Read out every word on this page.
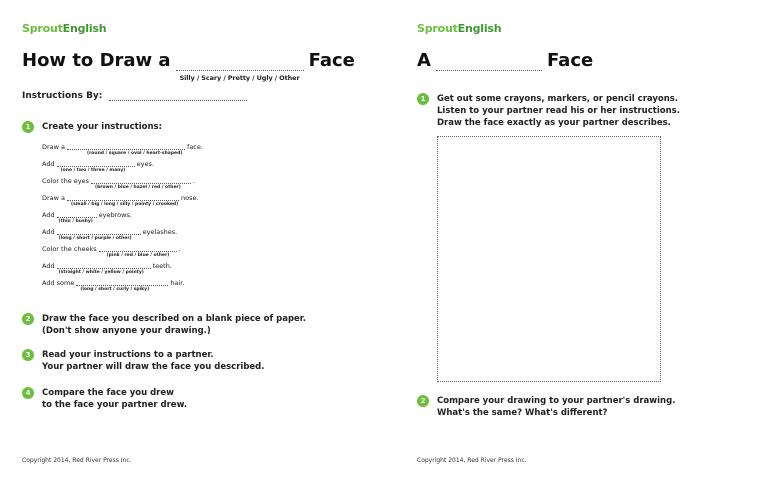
SproutEnglish
How to Draw a
Silly / Scary / Pretty / Ugly / Other
Face
Instructions By:
1	Create your instructions:
Draw a
(round / square / oval / heart-shaped)
face.
Add
(one / two / three / many)
eyes.
Color the eyes
(brown / blue / hazel / red / other)
.
Draw a
(small / big / long / silly / pointy / crooked)
nose.
Add
(thin / bushy)
eyebrows.
Add
(long / short / purple / other)
eyelashes.
Color the cheeks
(pink / red / blue / other)
.
Add
(straight / white / yellow / pointy)
teeth.
Add some
(long / short / curly / spiky)
hair.
2	Draw the face you described on a blank piece of paper.
(Don't show anyone your drawing.)
3	Read your instructions to a partner.
Your partner will draw the face you described.
4	Compare the face you drew
to the face your partner drew.
Copyright 2014, Red River Press Inc.
SproutEnglish
A	Face
1	Get out some crayons, markers, or pencil crayons.
Listen to your partner read his or her instructions.
Draw the face exactly as your partner describes.
2	Compare your drawing to your partner's drawing.
What's the same? What's different?
Copyright 2014, Red River Press Inc.
